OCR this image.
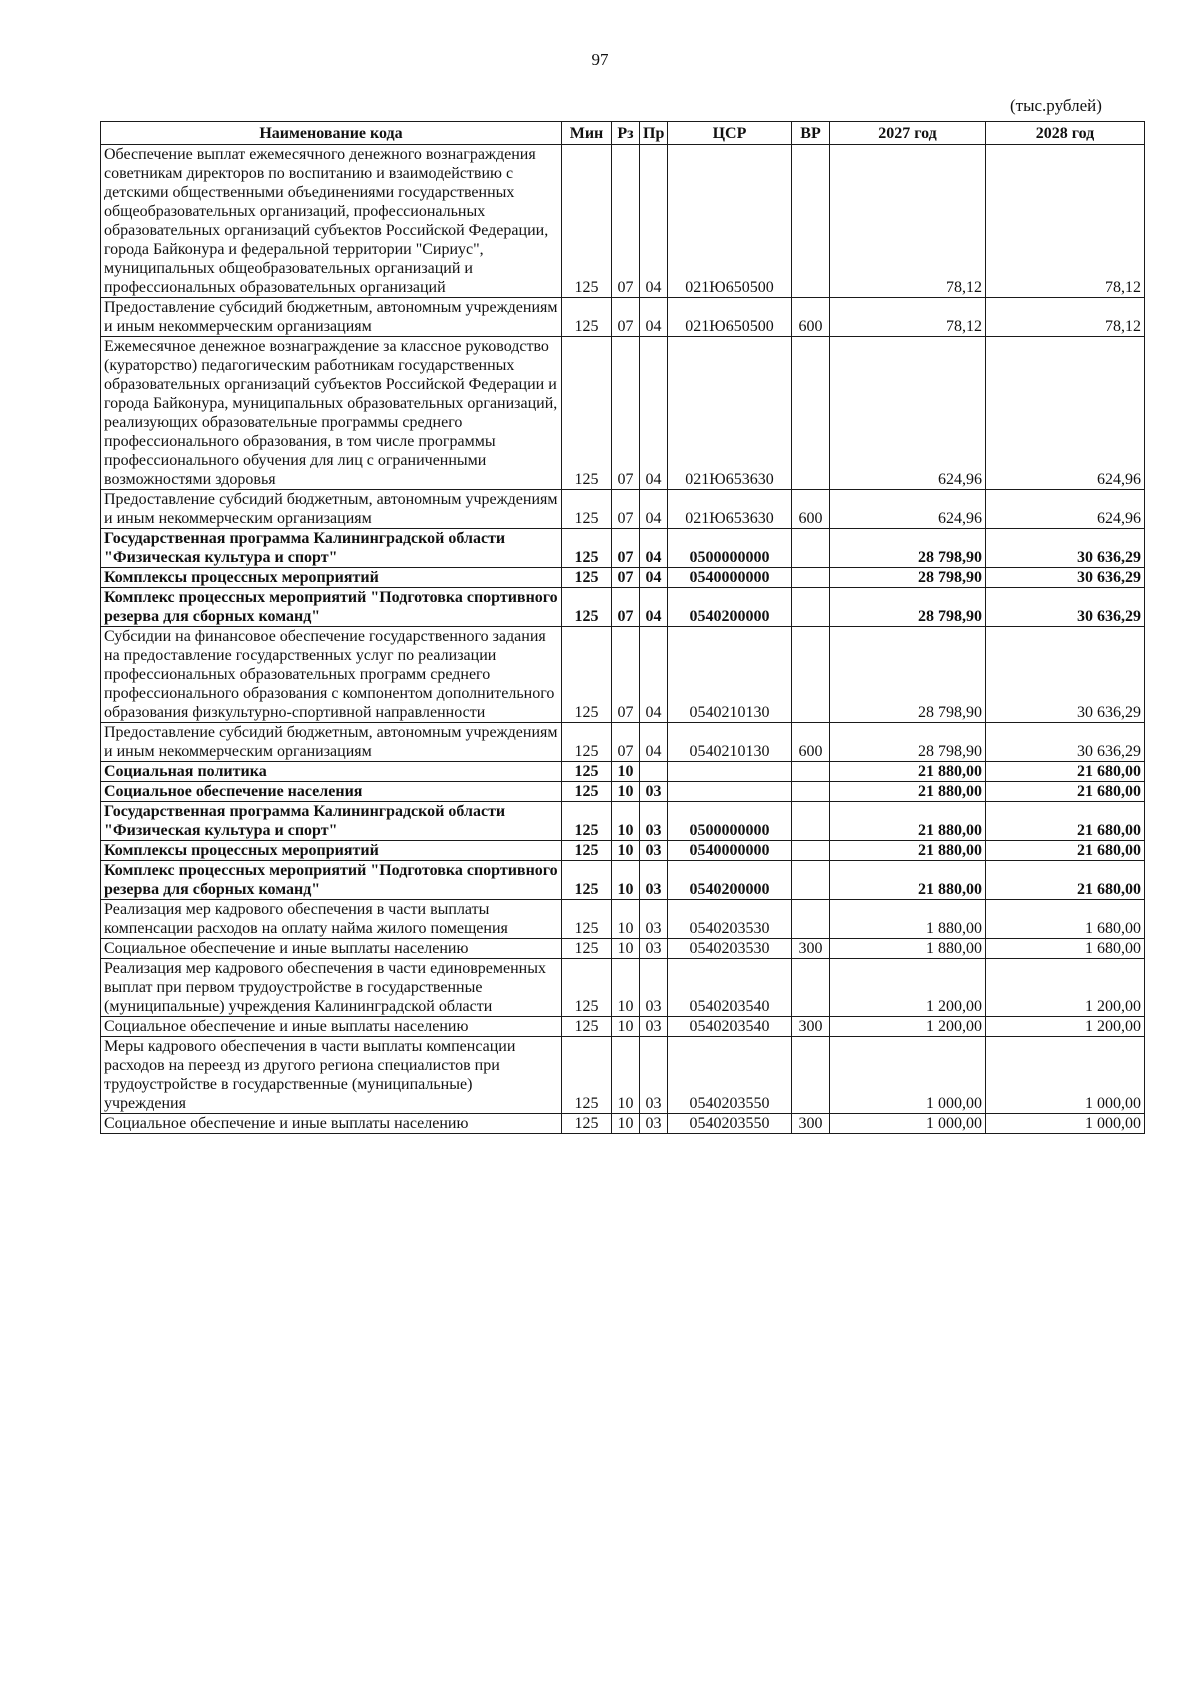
97
(тыс.рублей)
Наименование кода	Мин	Рз	Пр	ЦСР	ВР	2027 год	2028 год
Обеспечение выплат ежемесячного денежного вознаграждения советникам директоров по воспитанию и взаимодействию с детскими общественными объединениями государственных общеобразовательных организаций, профессиональных образовательных организаций субъектов Российской Федерации, города Байконура и федеральной территории "Сириус", муниципальных общеобразовательных организаций и профессиональных образовательных организаций	125	07	04	021Ю650500		78,12	78,12
Предоставление субсидий бюджетным, автономным учреждениям и иным некоммерческим организациям	125	07	04	021Ю650500	600	78,12	78,12
Ежемесячное денежное вознаграждение за классное руководство (кураторство) педагогическим работникам государственных образовательных организаций субъектов Российской Федерации и города Байконура, муниципальных образовательных организаций, реализующих образовательные программы среднего профессионального образования, в том числе программы профессионального обучения для лиц с ограниченными возможностями здоровья	125	07	04	021Ю653630		624,96	624,96
Предоставление субсидий бюджетным, автономным учреждениям и иным некоммерческим организациям	125	07	04	021Ю653630	600	624,96	624,96
Государственная программа Калининградской области "Физическая культура и спорт"	125	07	04	0500000000		28 798,90	30 636,29
Комплексы процессных мероприятий	125	07	04	0540000000		28 798,90	30 636,29
Комплекс процессных мероприятий "Подготовка спортивного резерва для сборных команд"	125	07	04	0540200000		28 798,90	30 636,29
Субсидии на финансовое обеспечение государственного задания на предоставление государственных услуг по реализации профессиональных образовательных программ среднего профессионального образования с компонентом дополнительного образования физкультурно-спортивной направленности	125	07	04	0540210130		28 798,90	30 636,29
Предоставление субсидий бюджетным, автономным учреждениям и иным некоммерческим организациям	125	07	04	0540210130	600	28 798,90	30 636,29
Социальная политика	125	10				21 880,00	21 680,00
Социальное обеспечение населения	125	10	03			21 880,00	21 680,00
Государственная программа Калининградской области "Физическая культура и спорт"	125	10	03	0500000000		21 880,00	21 680,00
Комплексы процессных мероприятий	125	10	03	0540000000		21 880,00	21 680,00
Комплекс процессных мероприятий "Подготовка спортивного резерва для сборных команд"	125	10	03	0540200000		21 880,00	21 680,00
Реализация мер кадрового обеспечения в части выплаты компенсации расходов на оплату найма жилого помещения	125	10	03	0540203530		1 880,00	1 680,00
Социальное обеспечение и иные выплаты населению	125	10	03	0540203530	300	1 880,00	1 680,00
Реализация мер кадрового обеспечения в части единовременных выплат при первом трудоустройстве в государственные (муниципальные) учреждения Калининградской области	125	10	03	0540203540		1 200,00	1 200,00
Социальное обеспечение и иные выплаты населению	125	10	03	0540203540	300	1 200,00	1 200,00
Меры кадрового обеспечения в части выплаты компенсации расходов на переезд из другого региона специалистов при трудоустройстве в государственные (муниципальные) учреждения	125	10	03	0540203550		1 000,00	1 000,00
Социальное обеспечение и иные выплаты населению	125	10	03	0540203550	300	1 000,00	1 000,00
